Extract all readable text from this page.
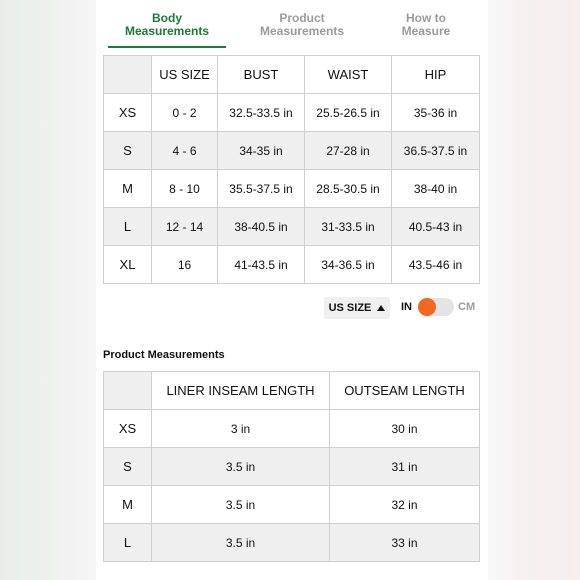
Body
Measurements
Product
Measurements
How to
Measure
	US SIZE	BUST	WAIST	HIP
XS	0 - 2	32.5-33.5 in	25.5-26.5 in	35-36 in
S	4 - 6	34-35 in	27-28 in	36.5-37.5 in
M	8 - 10	35.5-37.5 in	28.5-30.5 in	38-40 in
L	12 - 14	38-40.5 in	31-33.5 in	40.5-43 in
XL	16	41-43.5 in	34-36.5 in	43.5-46 in
US SIZE	IN	CM
Product Measurements
	LINER INSEAM LENGTH	OUTSEAM LENGTH
XS	3 in	30 in
S	3.5 in	31 in
M	3.5 in	32 in
L	3.5 in	33 in
